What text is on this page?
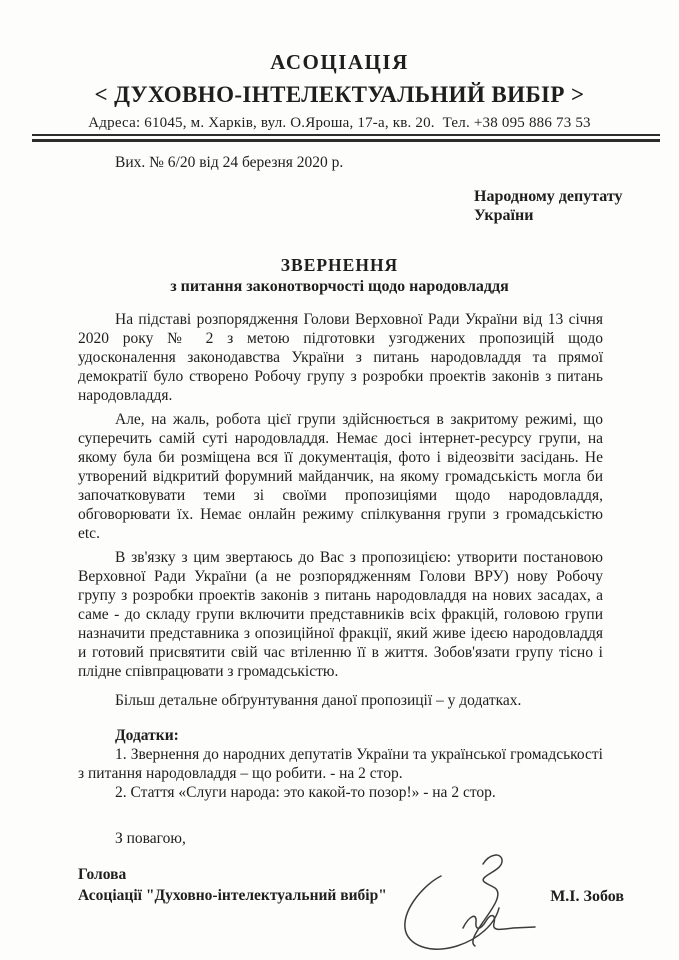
АСОЦІАЦІЯ
< ДУХОВНО-ІНТЕЛЕКТУАЛЬНИЙ ВИБІР >
Адреса: 61045, м. Харків, вул. О.Яроша, 17-а, кв. 20.  Тел. +38 095 886 73 53
Вих. № 6/20 від 24 березня 2020 р.
Народному депутату
України
ЗВЕРНЕННЯ
з питання законотворчості щодо народовладдя

На підставі розпорядження Голови Верховної Ради України від 13 січня 2020 року № 2 з метою підготовки узгоджених пропозицій щодо удосконалення законодавства України з питань народовладдя та прямої демократії було створено Робочу групу з розробки проектів законів з питань народовладдя.

Але, на жаль, робота цієї групи здійснюється в закритому режимі, що суперечить самій суті народовладдя. Немає досі інтернет-ресурсу групи, на якому була би розміщена вся її документація, фото і відеозвіти засідань. Не утворений відкритий форумний майданчик, на якому громадськість могла би започатковувати теми зі своїми пропозиціями щодо народовладдя, обговорювати їх. Немає онлайн режиму спілкування групи з громадськістю etc.

В зв'язку з цим звертаюсь до Вас з пропозицією: утворити постановою Верховної Ради України (а не розпорядженням Голови ВРУ) нову Робочу групу з розробки проектів законів з питань народовладдя на нових засадах, а саме - до складу групи включити представників всіх фракцій, головою групи назначити представника з опозиційної фракції, який живе ідеєю народовладдя и готовий присвятити свій час втіленню її в життя. Зобов'язати групу тісно і плідне співпрацювати з громадськістю.

Більш детальне обґрунтування даної пропозиції – у додатках.

Додатки:

1. Звернення до народних депутатів України та української громадськості з питання народовладдя – що робити. - на 2 стор.

2. Стаття «Слуги народа: это какой-то позор!» - на 2 стор.

З повагою,
Голова
Асоціації "Духовно-інтелектуальний вибір"	М.І. Зобов
